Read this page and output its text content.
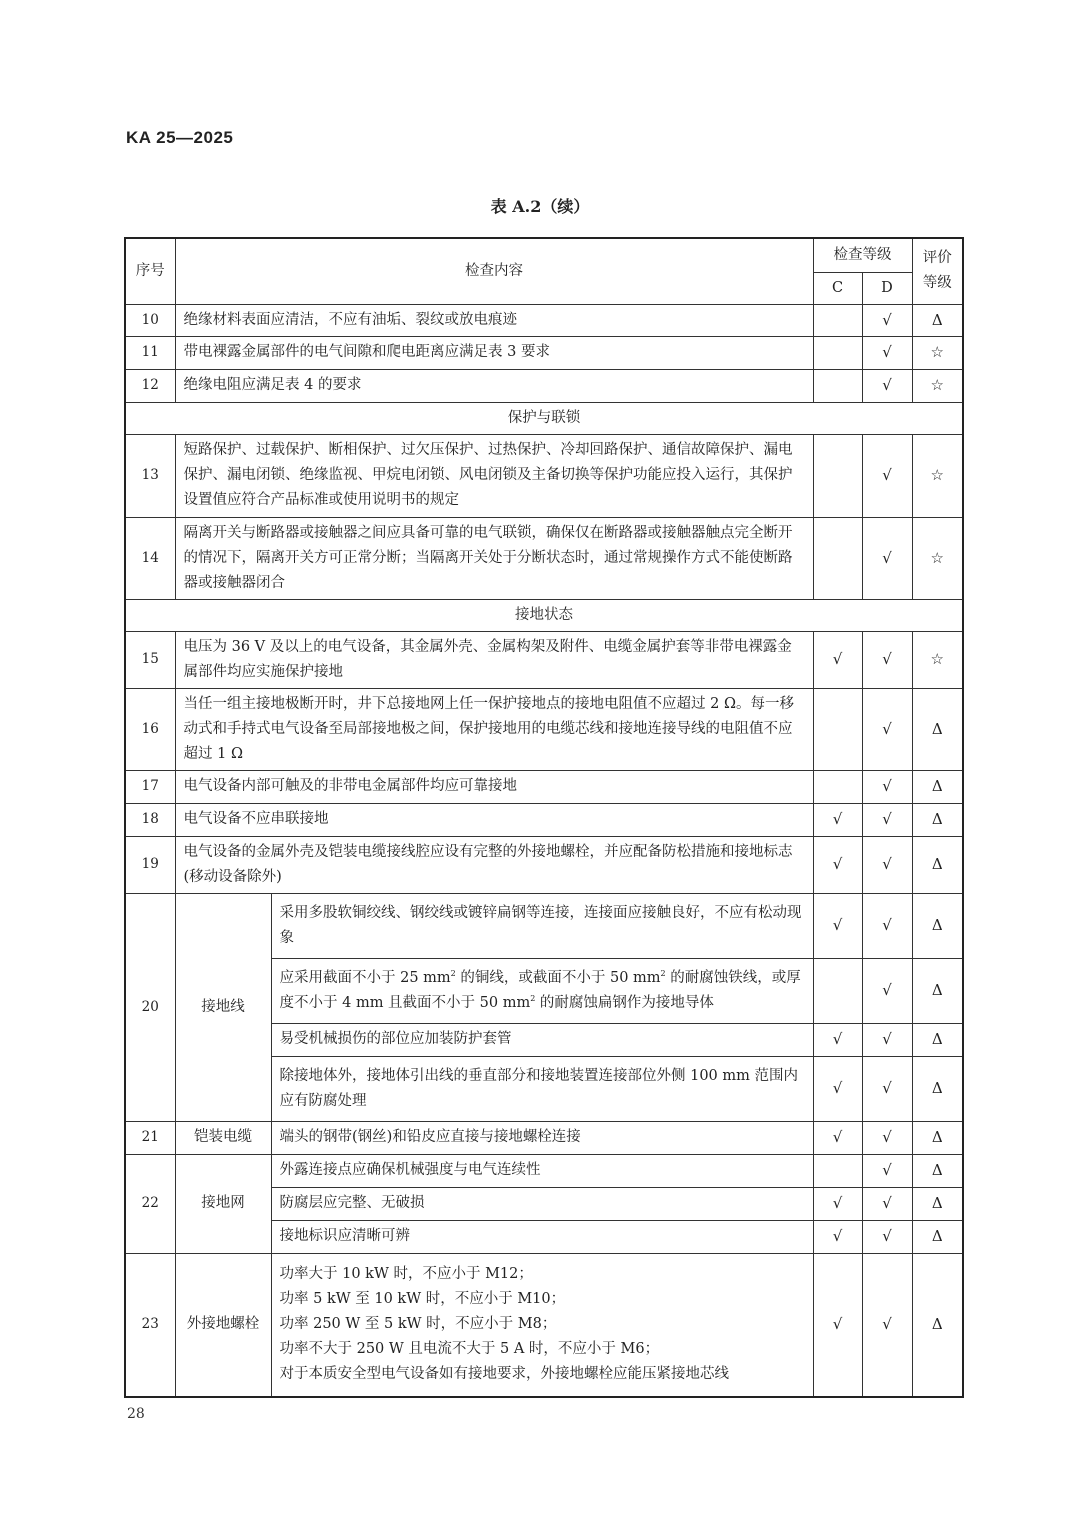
KA 25—2025
表 A.2（续）
序号	检查内容		检查等级		评价
等级

			C	D	
10	绝缘材料表面应清洁，不应有油垢、裂纹或放电痕迹			√	Δ
11	带电裸露金属部件的电气间隙和爬电距离应满足表 3 要求			√	☆
12	绝缘电阻应满足表 4 的要求			√	☆
保护与联锁					
13	短路保护、过载保护、断相保护、过欠压保护、过热保护、冷却回路保护、通信故障保护、漏电保护、漏电闭锁、绝缘监视、甲烷电闭锁、风电闭锁及主备切换等保护功能应投入运行，其保护设置值应符合产品标准或使用说明书的规定			√	☆
14	隔离开关与断路器或接触器之间应具备可靠的电气联锁，确保仅在断路器或接触器触点完全断开的情况下，隔离开关方可正常分断；当隔离开关处于分断状态时，通过常规操作方式不能使断路器或接触器闭合			√	☆
接地状态					
15	电压为 36 V 及以上的电气设备，其金属外壳、金属构架及附件、电缆金属护套等非带电裸露金属部件均应实施保护接地		√	√	☆
16	当任一组主接地极断开时，井下总接地网上任一保护接地点的接地电阻值不应超过 2 Ω。每一移动式和手持式电气设备至局部接地极之间，保护接地用的电缆芯线和接地连接导线的电阻值不应超过 1 Ω			√	Δ
17	电气设备内部可触及的非带电金属部件均应可靠接地			√	Δ
18	电气设备不应串联接地		√	√	Δ
19	电气设备的金属外壳及铠装电缆接线腔应设有完整的外接地螺栓，并应配备防松措施和接地标志(移动设备除外)		√	√	Δ
20	接地线	采用多股软铜绞线、钢绞线或镀锌扁钢等连接，连接面应接触良好，不应有松动现象	√	√	Δ
		应采用截面不小于 25 $mm^2$ 的铜线，或截面不小于 50 $mm^2$ 的耐腐蚀铁线，或厚度不小于 4 mm 且截面不小于 50 $mm^2$ 的耐腐蚀扁钢作为接地导体		√	Δ
		易受机械损伤的部位应加装防护套管	√	√	Δ
		除接地体外，接地体引出线的垂直部分和接地装置连接部位外侧 100 mm 范围内应有防腐处理	√	√	Δ
21	铠装电缆	端头的钢带(钢丝)和铅皮应直接与接地螺栓连接	√	√	Δ
22	接地网	外露连接点应确保机械强度与电气连续性		√	Δ
		防腐层应完整、无破损	√	√	Δ
		接地标识应清晰可辨	√	√	Δ
23	外接地螺栓	功率大于 10 kW 时，不应小于 M12；
功率 5 kW 至 10 kW 时，不应小于 M10；
功率 250 W 至 5 kW 时，不应小于 M8；
功率不大于 250 W 且电流不大于 5 A 时，不应小于 M6；
对于本质安全型电气设备如有接地要求，外接地螺栓应能压紧接地芯线	√	√	Δ
28
